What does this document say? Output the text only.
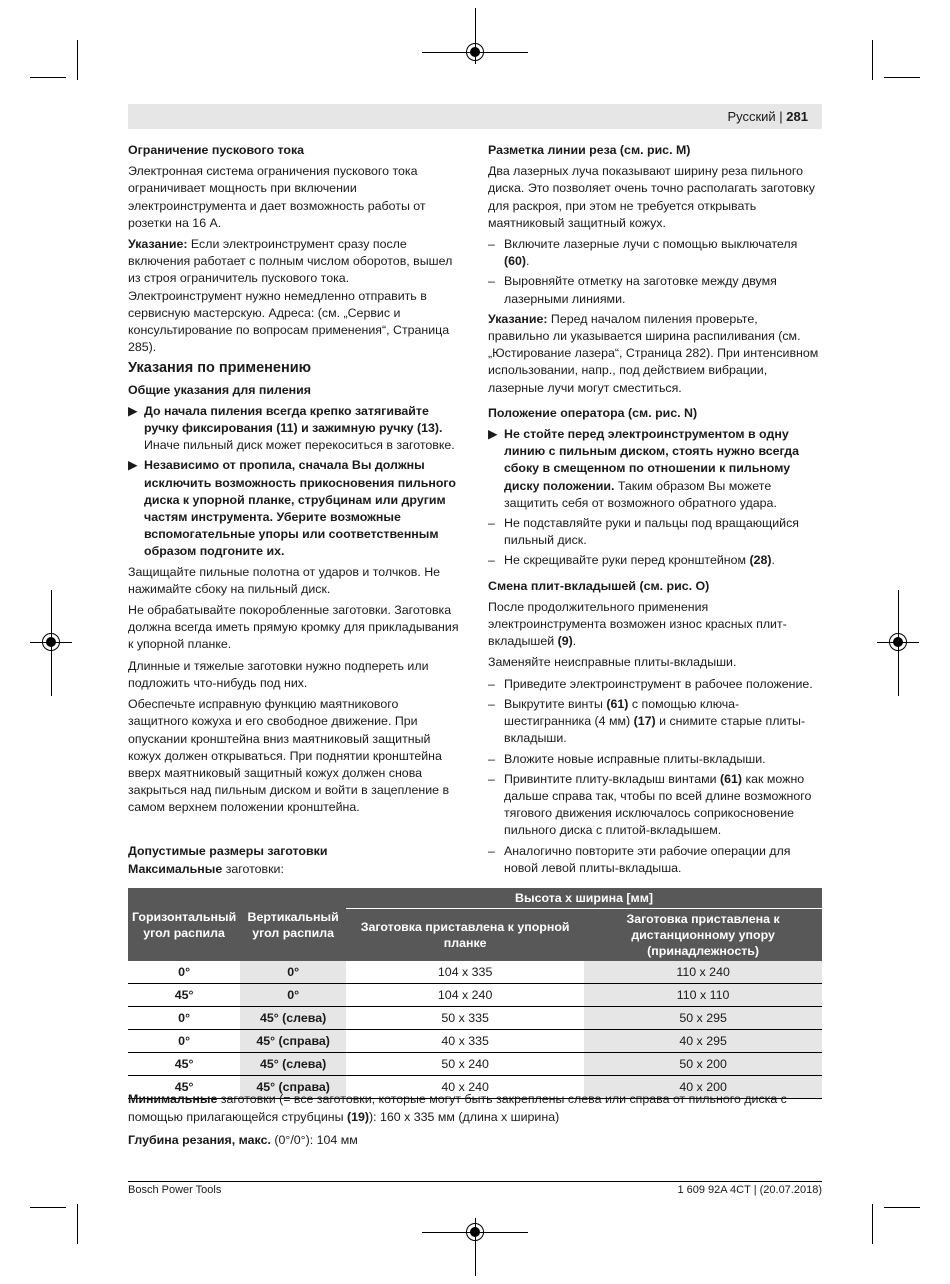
Русский | 281

Ограничение пускового тока

Электронная система ограничения пускового тока ограничивает мощность при включении электроинструмента и дает возможность работы от розетки на 16 А.

Указание: Если электроинструмент сразу после включения работает с полным числом оборотов, вышел из строя ограничитель пускового тока. Электроинструмент нужно немедленно отправить в сервисную мастерскую. Адреса: (см. „Сервис и консультирование по вопросам применения“, Страница 285).

Указания по применению

Общие указания для пиления

▶ До начала пиления всегда крепко затягивайте ручку фиксирования (11) и зажимную ручку (13). Иначе пильный диск может перекоситься в заготовке.
▶ Независимо от пропила, сначала Вы должны исключить возможность прикосновения пильного диска к упорной планке, струбцинам или другим частям инструмента. Уберите возможные вспомогательные упоры или соответственным образом подгоните их.

Защищайте пильные полотна от ударов и толчков. Не нажимайте сбоку на пильный диск.

Не обрабатывайте покоробленные заготовки. Заготовка должна всегда иметь прямую кромку для прикладывания к упорной планке.

Длинные и тяжелые заготовки нужно подпереть или подложить что-нибудь под них.

Обеспечьте исправную функцию маятникового защитного кожуха и его свободное движение. При опускании кронштейна вниз маятниковый защитный кожух должен открываться. При поднятии кронштейна вверх маятниковый защитный кожух должен снова закрыться над пильным диском и войти в зацепление в самом верхнем положении кронштейна.

Разметка линии реза (см. рис. M)

Два лазерных луча показывают ширину реза пильного диска. Это позволяет очень точно располагать заготовку для раскроя, при этом не требуется открывать маятниковый защитный кожух.

– Включите лазерные лучи с помощью выключателя (60).
– Выровняйте отметку на заготовке между двумя лазерными линиями.

Указание: Перед началом пиления проверьте, правильно ли указывается ширина распиливания (см. „Юстирование лазера“, Страница 282). При интенсивном использовании, напр., под действием вибрации, лазерные лучи могут сместиться.

Положение оператора (см. рис. N)

▶ Не стойте перед электроинструментом в одну линию с пильным диском, стоять нужно всегда сбоку в смещенном по отношении к пильному диску положении. Таким образом Вы можете защитить себя от возможного обратного удара.
– Не подставляйте руки и пальцы под вращающийся пильный диск.
– Не скрещивайте руки перед кронштейном (28).

Смена плит-вкладышей (см. рис. O)

После продолжительного применения электроинструмента возможен износ красных плит-вкладышей (9).

Заменяйте неисправные плиты-вкладыши.

– Приведите электроинструмент в рабочее положение.
– Выкрутите винты (61) с помощью ключа-шестигранника (4 мм) (17) и снимите старые плиты-вкладыши.
– Вложите новые исправные плиты-вкладыши.
– Привинтите плиту-вкладыш винтами (61) как можно дальше справа так, чтобы по всей длине возможного тягового движения исключалось соприкосновение пильного диска с плитой-вкладышем.
– Аналогично повторите эти рабочие операции для новой левой плиты-вкладыша.
Допустимые размеры заготовки
Максимальные заготовки:
Горизонтальный угол распила	Вертикальный угол распила	Высота x ширина [мм]	
		Заготовка приставлена к упорной планке	Заготовка приставлена к дистанционному упору (принадлежность)
0°	0°	104 x 335	110 x 240
45°	0°	104 x 240	110 x 110
0°	45° (слева)	50 x 335	50 x 295
0°	45° (справа)	40 x 335	40 x 295
45°	45° (слева)	50 x 240	50 x 200
45°	45° (справа)	40 x 240	40 x 200

Минимальные заготовки (= все заготовки, которые могут быть закреплены слева или справа от пильного диска с помощью прилагающейся струбцины (19)): 160 x 335 мм (длина x ширина)

Глубина резания, макс. (0°/0°): 104 мм

Bosch Power Tools	1 609 92A 4CT | (20.07.2018)
